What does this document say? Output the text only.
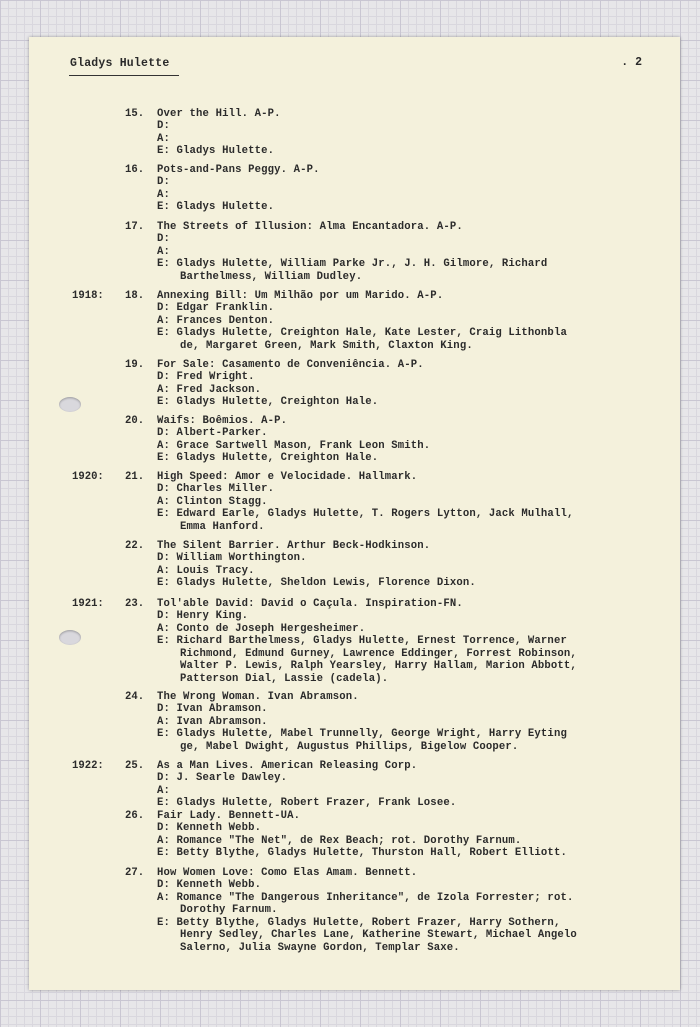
Gladys Hulette	. 2
15. Over the Hill. A-P.
D:
A:
E: Gladys Hulette.
16. Pots-and-Pans Peggy. A-P.
D:
A:
E: Gladys Hulette.
17. The Streets of Illusion: Alma Encantadora. A-P.
D:
A:
E: Gladys Hulette, William Parke Jr., J. H. Gilmore, Richard
Barthelmess, William Dudley.
1918: 18. Annexing Bill: Um Milhão por um Marido. A-P.
D: Edgar Franklin.
A: Frances Denton.
E: Gladys Hulette, Creighton Hale, Kate Lester, Craig Lithonbla
de, Margaret Green, Mark Smith, Claxton King.
19. For Sale: Casamento de Conveniência. A-P.
D: Fred Wright.
A: Fred Jackson.
E: Gladys Hulette, Creighton Hale.
20. Waifs: Boêmios. A-P.
D: Albert-Parker.
A: Grace Sartwell Mason, Frank Leon Smith.
E: Gladys Hulette, Creighton Hale.
1920: 21. High Speed: Amor e Velocidade. Hallmark.
D: Charles Miller.
A: Clinton Stagg.
E: Edward Earle, Gladys Hulette, T. Rogers Lytton, Jack Mulhall,
Emma Hanford.
22. The Silent Barrier. Arthur Beck-Hodkinson.
D: William Worthington.
A: Louis Tracy.
E: Gladys Hulette, Sheldon Lewis, Florence Dixon.
1921: 23. Tol'able David: David o Caçula. Inspiration-FN.
D: Henry King.
A: Conto de Joseph Hergesheimer.
E: Richard Barthelmess, Gladys Hulette, Ernest Torrence, Warner
Richmond, Edmund Gurney, Lawrence Eddinger, Forrest Robinson,
Walter P. Lewis, Ralph Yearsley, Harry Hallam, Marion Abbott,
Patterson Dial, Lassie (cadela).
24. The Wrong Woman. Ivan Abramson.
D: Ivan Abramson.
A: Ivan Abramson.
E: Gladys Hulette, Mabel Trunnelly, George Wright, Harry Eyting
ge, Mabel Dwight, Augustus Phillips, Bigelow Cooper.
1922: 25. As a Man Lives. American Releasing Corp.
D: J. Searle Dawley.
A:
E: Gladys Hulette, Robert Frazer, Frank Losee.
26. Fair Lady. Bennett-UA.
D: Kenneth Webb.
A: Romance "The Net", de Rex Beach; rot. Dorothy Farnum.
E: Betty Blythe, Gladys Hulette, Thurston Hall, Robert Elliott.
27. How Women Love: Como Elas Amam. Bennett.
D: Kenneth Webb.
A: Romance "The Dangerous Inheritance", de Izola Forrester; rot.
Dorothy Farnum.
E: Betty Blythe, Gladys Hulette, Robert Frazer, Harry Sothern,
Henry Sedley, Charles Lane, Katherine Stewart, Michael Angelo
Salerno, Julia Swayne Gordon, Templar Saxe.
